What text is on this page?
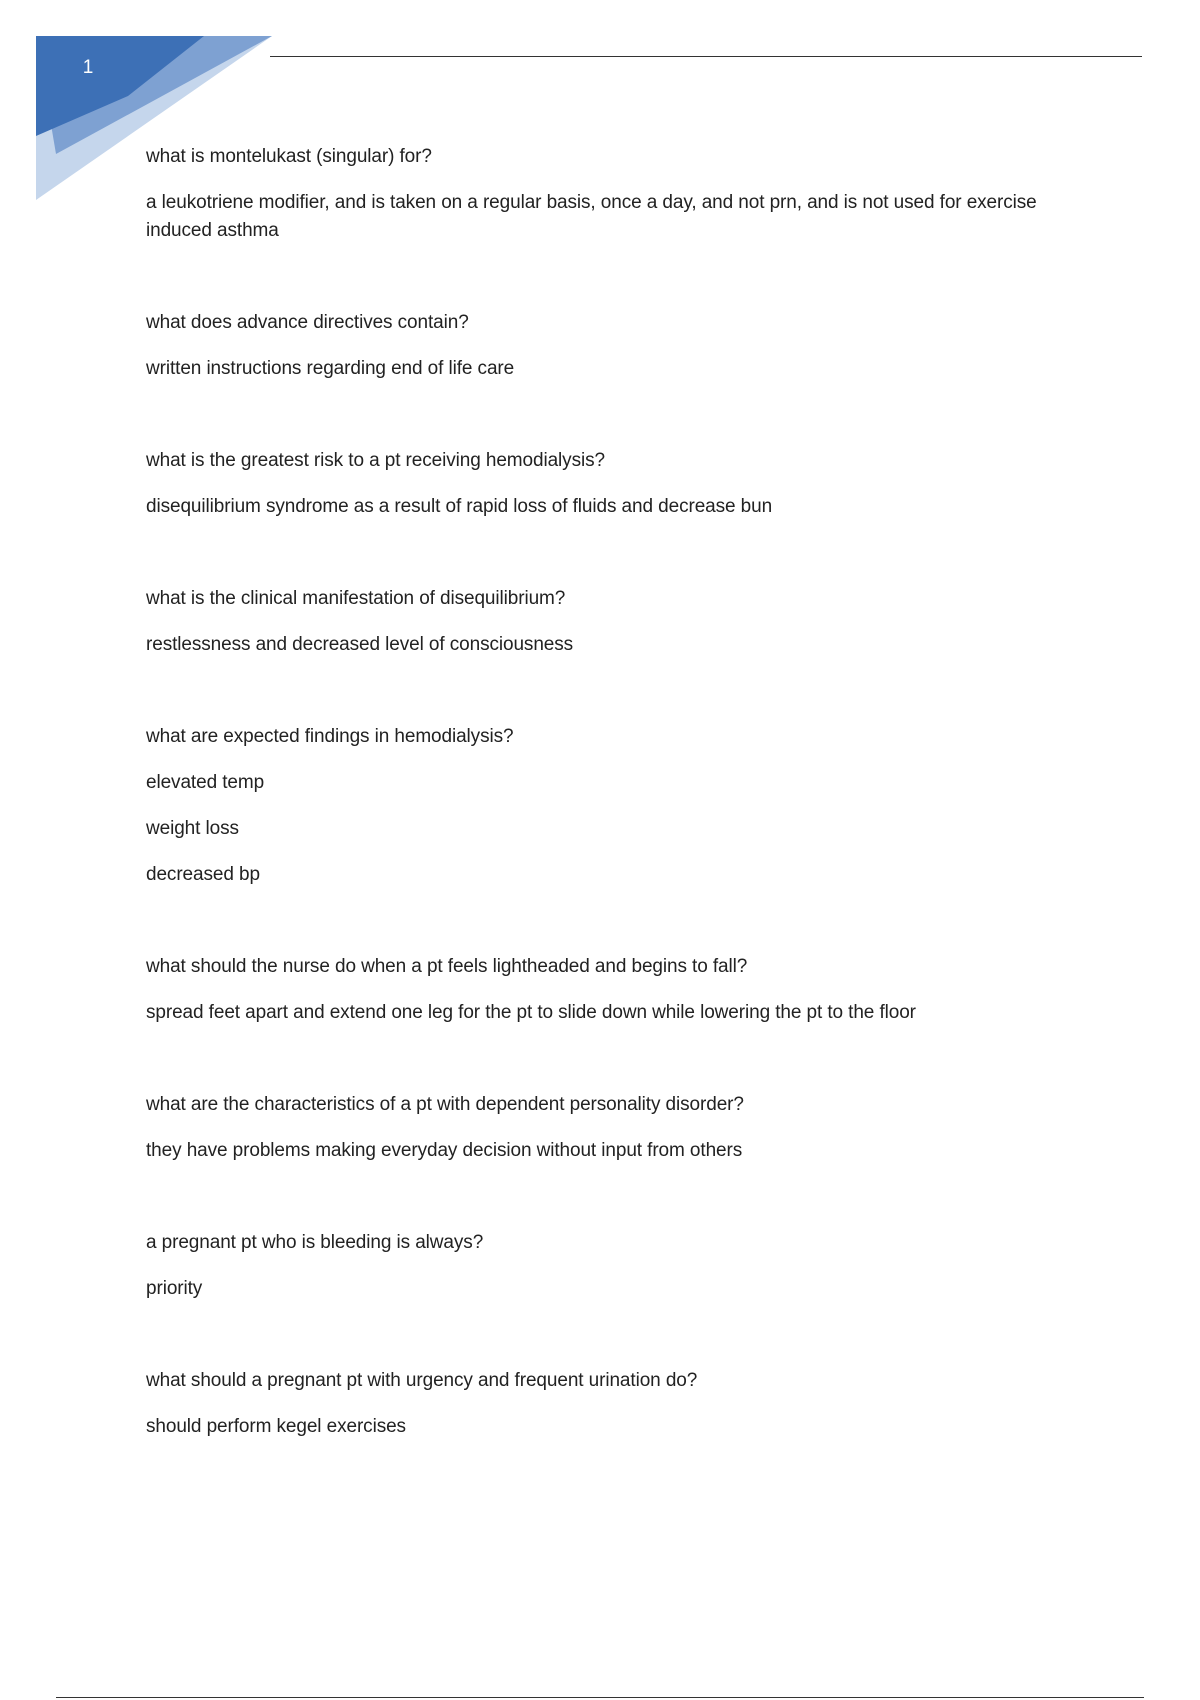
1

what is montelukast (singular) for?

a leukotriene modifier, and is taken on a regular basis, once a day, and not prn, and is not used for exercise induced asthma

what does advance directives contain?

written instructions regarding end of life care

what is the greatest risk to a pt receiving hemodialysis?

disequilibrium syndrome as a result of rapid loss of fluids and decrease bun

what is the clinical manifestation of disequilibrium?

restlessness and decreased level of consciousness

what are expected findings in hemodialysis?

elevated temp

weight loss

decreased bp

what should the nurse do when a pt feels lightheaded and begins to fall?

spread feet apart and extend one leg for the pt to slide down while lowering the pt to the floor

what are the characteristics of a pt with dependent personality disorder?

they have problems making everyday decision without input from others

a pregnant pt who is bleeding is always?

priority

what should a pregnant pt with urgency and frequent urination do?

should perform kegel exercises
